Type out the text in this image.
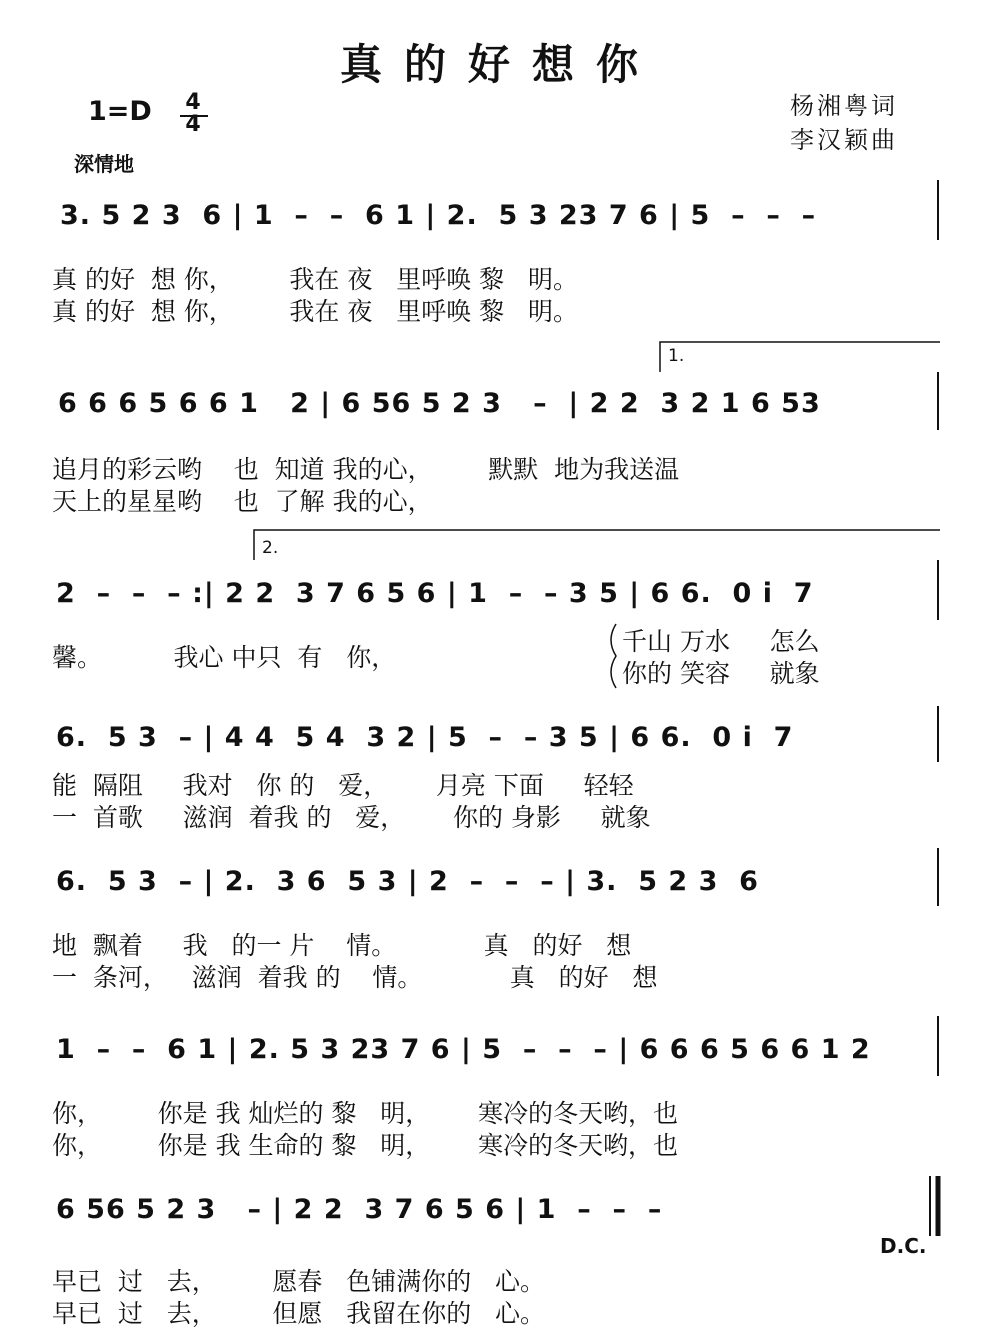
真的好想你
杨湘粤词
李汉颖曲
1=D	4
4
深情地
3. 5 2 3  6 | 1  –  –  6 1 | 2.  5 3 23 7 6 | 5  –  –  –
真 的好  想 你，       我在 夜   里呼唤 黎   明。
真 的好  想 你，       我在 夜   里呼唤 黎   明。
1.
6 6 6 5 6 6 1   2 | 6 56 5 2 3   –  | 2 2  3 2 1 6 53
追月的彩云哟    也  知道 我的心，       默默  地为我送温
天上的星星哟    也  了解 我的心，
2.
2  –  –  – :| 2 2  3 7 6 5 6 | 1  –  – 3 5 | 6 6.  0 i  7
馨。         我心 中只  有   你，
千山 万水     怎么
你的 笑容     就象
6.  5 3  – | 4 4  5 4  3 2 | 5  –  – 3 5 | 6 6.  0 i  7
能  隔阻     我对   你 的   爱，      月亮 下面     轻轻
一  首歌     滋润  着我 的   爱，      你的 身影     就象
6.  5 3  – | 2.  3 6  5 3 | 2  –  –  – | 3.  5 2 3  6
地  飘着     我   的一 片    情。           真   的好   想
一  条河，   滋润  着我 的    情。           真   的好   想
1  –  –  6 1 | 2. 5 3 23 7 6 | 5  –  –  – | 6 6 6 5 6 6 1 2
你，       你是 我 灿烂的 黎   明，      寒冷的冬天哟，也
你，       你是 我 生命的 黎   明，      寒冷的冬天哟，也
6 56 5 2 3   – | 2 2  3 7 6 5 6 | 1  –  –  –
D.C.
早已  过   去，       愿春   色铺满你的   心。
早已  过   去，       但愿   我留在你的   心。
